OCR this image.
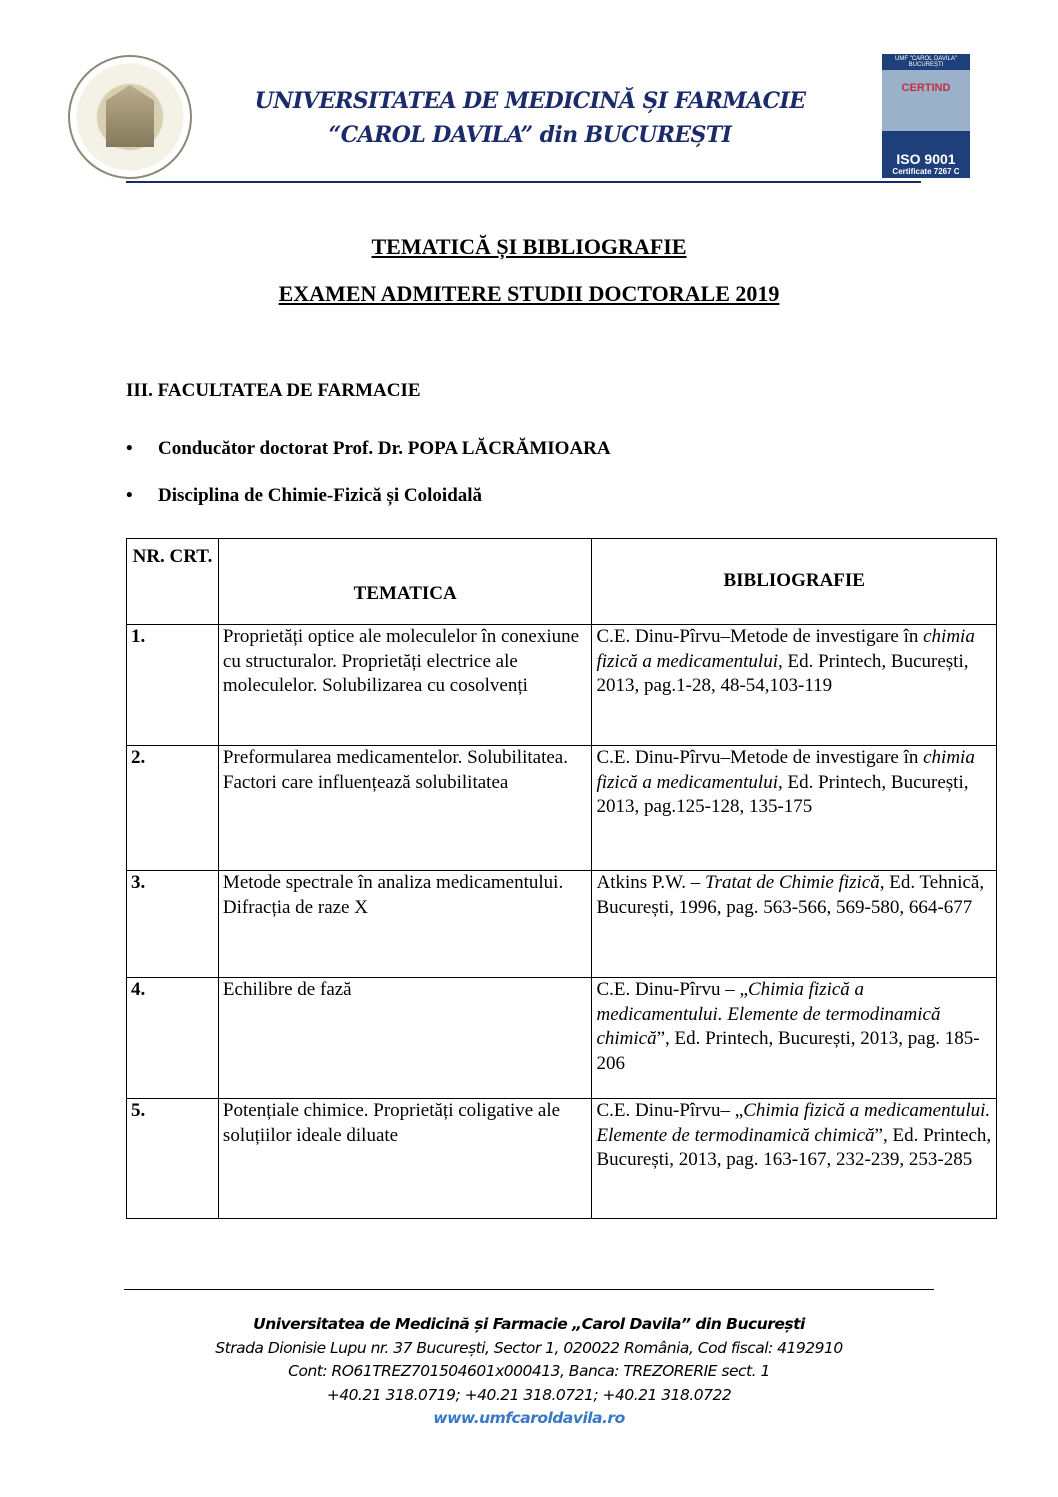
UNIVERSITATEA DE MEDICINĂ ȘI FARMACIE
“CAROL DAVILA” din BUCUREȘTI
UMF "CAROL DAVILA" BUCUREȘTI
CERTIND
ISO 9001
Certificate 7267 C
TEMATICĂ ȘI BIBLIOGRAFIE
EXAMEN ADMITERE STUDII DOCTORALE 2019
III. FACULTATEA DE FARMACIE
• Conducător doctorat Prof. Dr. POPA LĂCRĂMIOARA
• Disciplina de Chimie-Fizică și Coloidală
NR. CRT.	TEMATICA	BIBLIOGRAFIE
1.	Proprietăți optice ale moleculelor în conexiune cu structuralor. Proprietăți electrice ale moleculelor. Solubilizarea cu cosolvenți	C.E. Dinu-Pîrvu–Metode de investigare în chimia fizică a medicamentului, Ed. Printech, București, 2013, pag.1-28, 48-54,103-119
2.	Preformularea medicamentelor. Solubilitatea. Factori care influențează solubilitatea	C.E. Dinu-Pîrvu–Metode de investigare în chimia fizică a medicamentului, Ed. Printech, București, 2013, pag.125-128, 135-175
3.	Metode spectrale în analiza medicamentului. Difracția de raze X	Atkins P.W. – Tratat de Chimie fizică, Ed. Tehnică, București, 1996, pag. 563-566, 569-580, 664-677
4.	Echilibre de fază	C.E. Dinu-Pîrvu – „Chimia fizică a medicamentului. Elemente de termodinamică chimică”, Ed. Printech, București, 2013, pag. 185-206
5.	Potențiale chimice. Proprietăți coligative ale soluțiilor ideale diluate	C.E. Dinu-Pîrvu– „Chimia fizică a medicamentului. Elemente de termodinamică chimică”, Ed. Printech, București, 2013, pag. 163-167, 232-239, 253-285
Universitatea de Medicină și Farmacie „Carol Davila” din București
Strada Dionisie Lupu nr. 37 București, Sector 1, 020022 România, Cod fiscal: 4192910
Cont: RO61TREZ701504601x000413, Banca: TREZORERIE sect. 1
+40.21 318.0719; +40.21 318.0721; +40.21 318.0722
www.umfcaroldavila.ro
